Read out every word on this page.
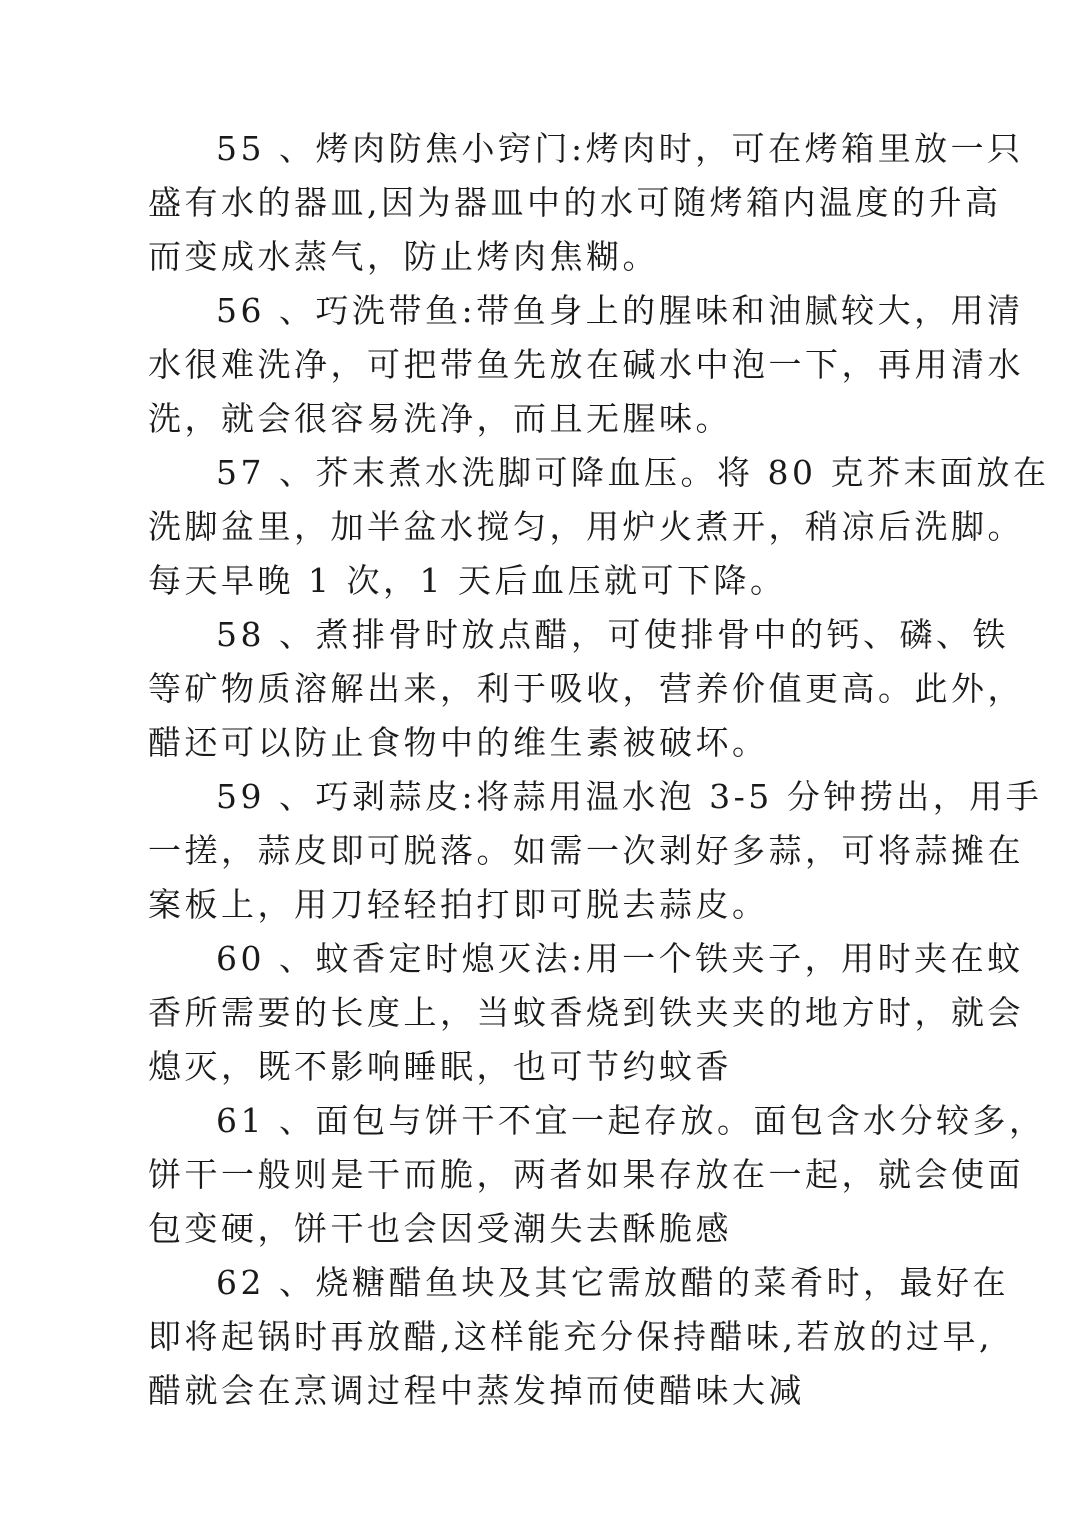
55 、烤肉防焦小窍门:烤肉时，可在烤箱里放一只
盛有水的器皿,因为器皿中的水可随烤箱内温度的升高
而变成水蒸气，防止烤肉焦糊。
56 、巧洗带鱼:带鱼身上的腥味和油腻较大，用清
水很难洗净，可把带鱼先放在碱水中泡一下，再用清水
洗，就会很容易洗净，而且无腥味。
57 、芥末煮水洗脚可降血压。将 80 克芥末面放在
洗脚盆里，加半盆水搅匀，用炉火煮开，稍凉后洗脚。
每天早晚 1 次，1 天后血压就可下降。
58 、煮排骨时放点醋，可使排骨中的钙、磷、铁
等矿物质溶解出来，利于吸收，营养价值更高。此外，
醋还可以防止食物中的维生素被破坏。
59 、巧剥蒜皮:将蒜用温水泡 3-5 分钟捞出，用手
一搓，蒜皮即可脱落。如需一次剥好多蒜，可将蒜摊在
案板上，用刀轻轻拍打即可脱去蒜皮。
60 、蚊香定时熄灭法:用一个铁夹子，用时夹在蚊
香所需要的长度上，当蚊香烧到铁夹夹的地方时，就会
熄灭，既不影响睡眠，也可节约蚊香
61 、面包与饼干不宜一起存放。面包含水分较多，
饼干一般则是干而脆，两者如果存放在一起，就会使面
包变硬，饼干也会因受潮失去酥脆感
62 、烧糖醋鱼块及其它需放醋的菜肴时，最好在
即将起锅时再放醋,这样能充分保持醋味,若放的过早,
醋就会在烹调过程中蒸发掉而使醋味大减
